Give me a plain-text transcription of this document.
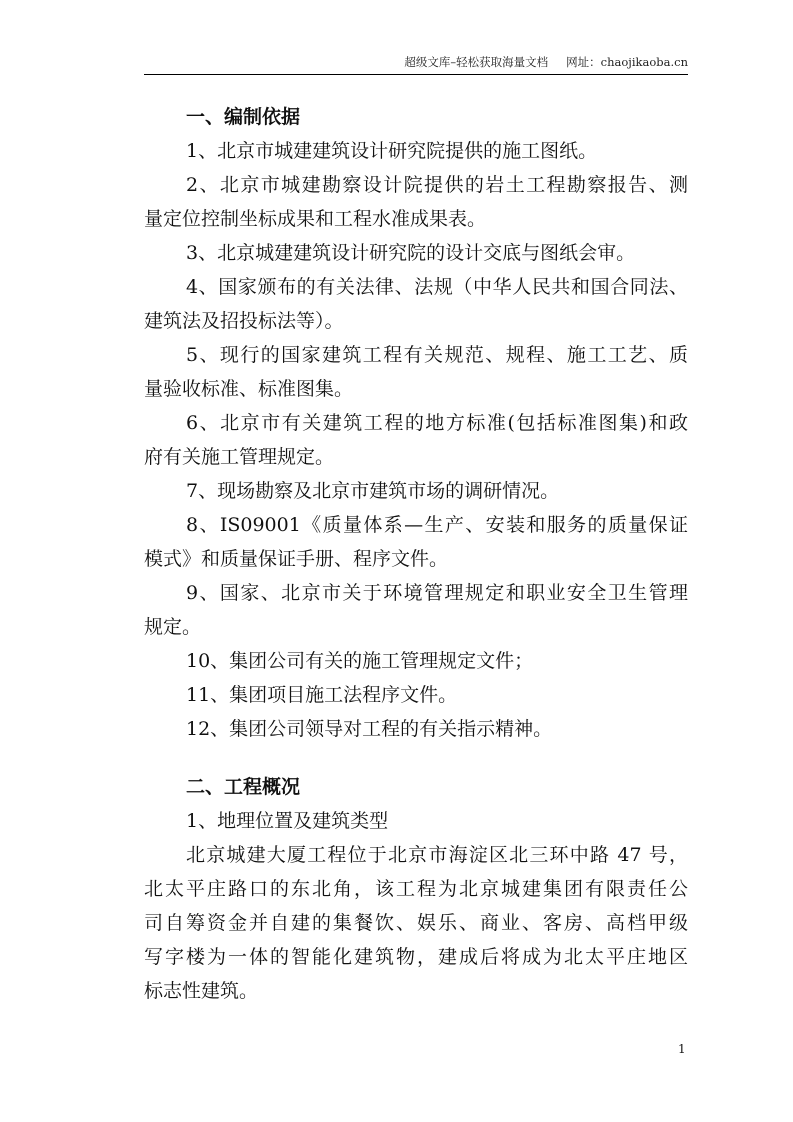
超级文库–轻松获取海量文档 网址：chaojikaoba.cn
一、编制依据
1、北京市城建建筑设计研究院提供的施工图纸。
2、北京市城建勘察设计院提供的岩土工程勘察报告、测
量定位控制坐标成果和工程水准成果表。
3、北京城建建筑设计研究院的设计交底与图纸会审。
4、国家颁布的有关法律、法规（中华人民共和国合同法、
建筑法及招投标法等）。
5、现行的国家建筑工程有关规范、规程、施工工艺、质
量验收标准、标准图集。
6、北京市有关建筑工程的地方标准(包括标准图集)和政
府有关施工管理规定。
7、现场勘察及北京市建筑市场的调研情况。
8、IS09001《质量体系—生产、安装和服务的质量保证
模式》和质量保证手册、程序文件。
9、国家、北京市关于环境管理规定和职业安全卫生管理
规定。
10、集团公司有关的施工管理规定文件；
11、集团项目施工法程序文件。
12、集团公司领导对工程的有关指示精神。
二、工程概况
1、地理位置及建筑类型
北京城建大厦工程位于北京市海淀区北三环中路 47 号，
北太平庄路口的东北角，该工程为北京城建集团有限责任公
司自筹资金并自建的集餐饮、娱乐、商业、客房、高档甲级
写字楼为一体的智能化建筑物，建成后将成为北太平庄地区
标志性建筑。
1
